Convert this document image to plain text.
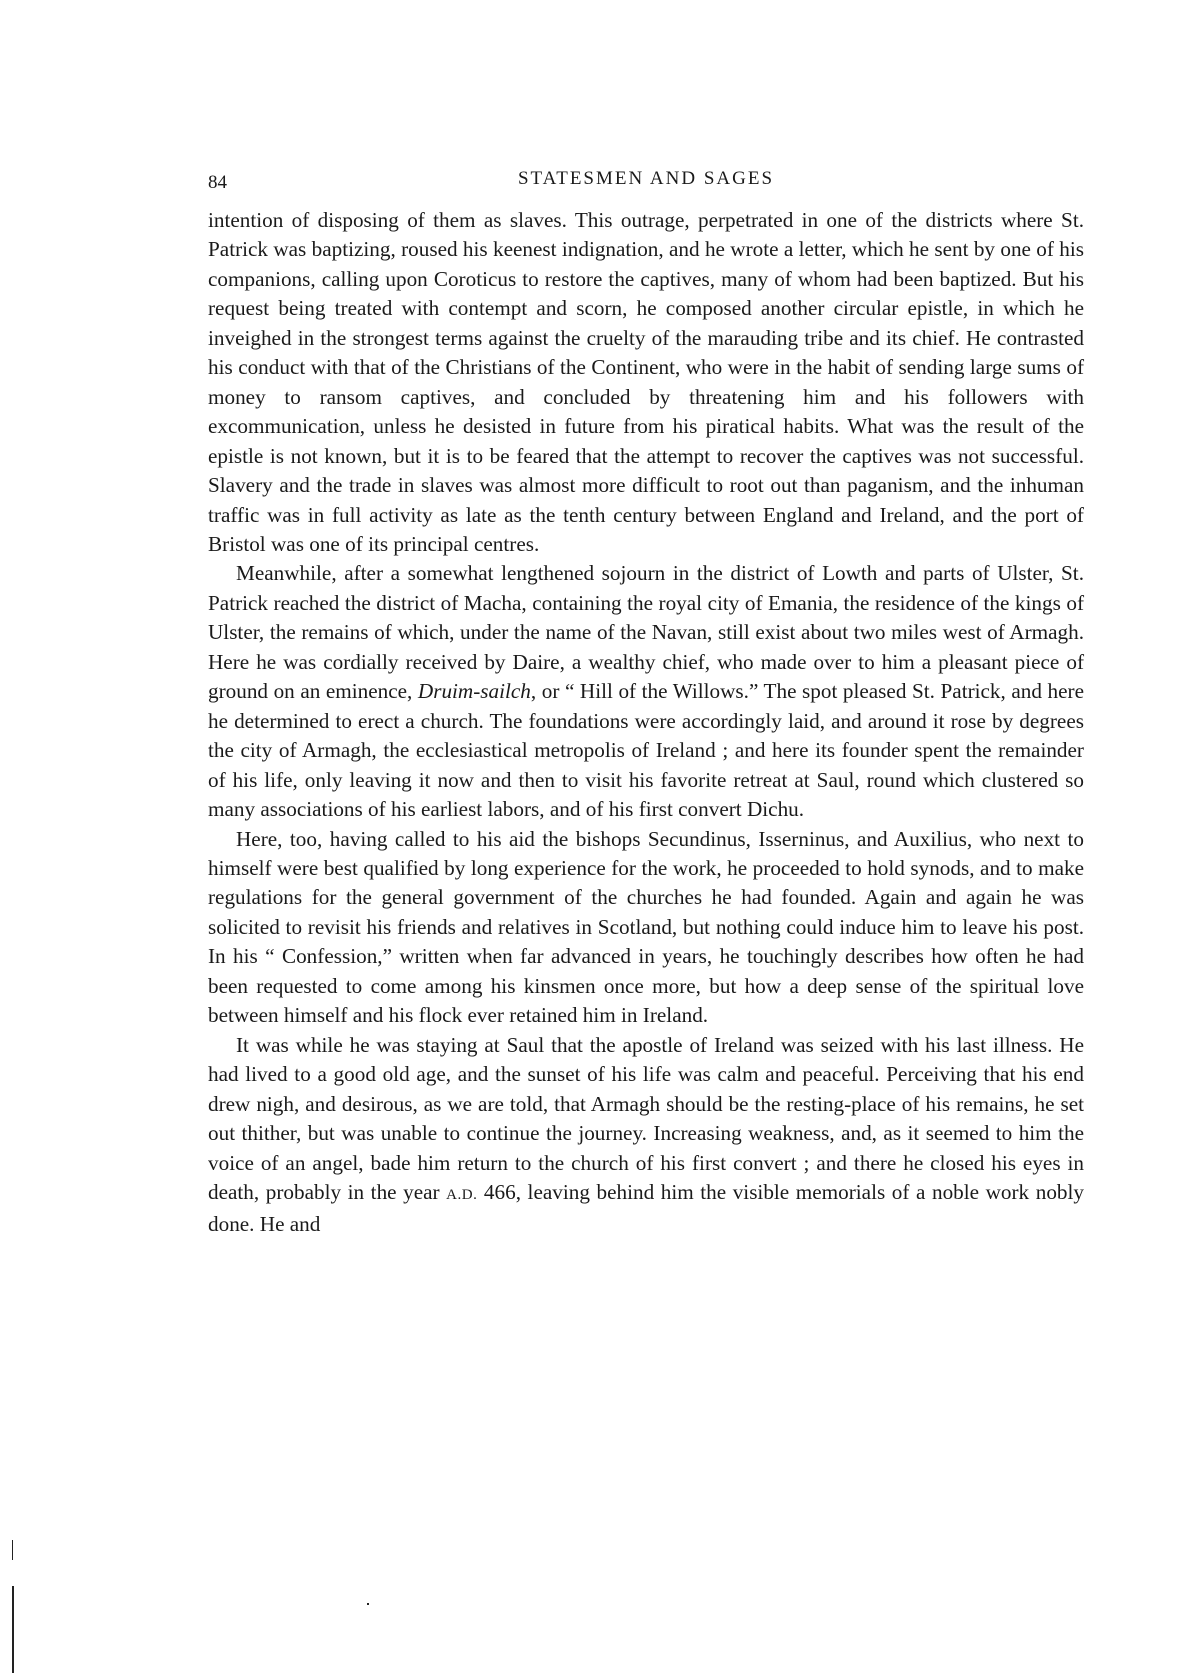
84	STATESMEN AND SAGES

intention of disposing of them as slaves. This outrage, perpetrated in one of the districts where St. Patrick was baptizing, roused his keenest indignation, and he wrote a letter, which he sent by one of his companions, calling upon Coroticus to restore the captives, many of whom had been baptized. But his request being treated with contempt and scorn, he composed another circular epistle, in which he inveighed in the strongest terms against the cruelty of the marauding tribe and its chief. He contrasted his conduct with that of the Christians of the Continent, who were in the habit of sending large sums of money to ransom captives, and concluded by threatening him and his followers with excommunication, unless he desisted in future from his piratical habits. What was the result of the epistle is not known, but it is to be feared that the attempt to recover the captives was not successful. Slavery and the trade in slaves was almost more difficult to root out than paganism, and the inhuman traffic was in full activity as late as the tenth century between England and Ireland, and the port of Bristol was one of its principal centres.

Meanwhile, after a somewhat lengthened sojourn in the district of Lowth and parts of Ulster, St. Patrick reached the district of Macha, containing the royal city of Emania, the residence of the kings of Ulster, the remains of which, under the name of the Navan, still exist about two miles west of Armagh. Here he was cordially received by Daire, a wealthy chief, who made over to him a pleasant piece of ground on an eminence, Druim-sailch, or “ Hill of the Willows.” The spot pleased St. Patrick, and here he determined to erect a church. The foundations were accordingly laid, and around it rose by degrees the city of Armagh, the ecclesiastical metropolis of Ireland ; and here its founder spent the remainder of his life, only leaving it now and then to visit his favorite retreat at Saul, round which clustered so many associations of his earliest labors, and of his first convert Dichu.

Here, too, having called to his aid the bishops Secundinus, Isserninus, and Auxilius, who next to himself were best qualified by long experience for the work, he proceeded to hold synods, and to make regulations for the general government of the churches he had founded. Again and again he was solicited to revisit his friends and relatives in Scotland, but nothing could induce him to leave his post. In his “ Confession,” written when far advanced in years, he touchingly describes how often he had been requested to come among his kinsmen once more, but how a deep sense of the spiritual love between himself and his flock ever retained him in Ireland.

It was while he was staying at Saul that the apostle of Ireland was seized with his last illness. He had lived to a good old age, and the sunset of his life was calm and peaceful. Perceiving that his end drew nigh, and desirous, as we are told, that Armagh should be the resting-place of his remains, he set out thither, but was unable to continue the journey. Increasing weakness, and, as it seemed to him the voice of an angel, bade him return to the church of his first convert ; and there he closed his eyes in death, probably in the year A.D. 466, leaving behind him the visible memorials of a noble work nobly done. He and
